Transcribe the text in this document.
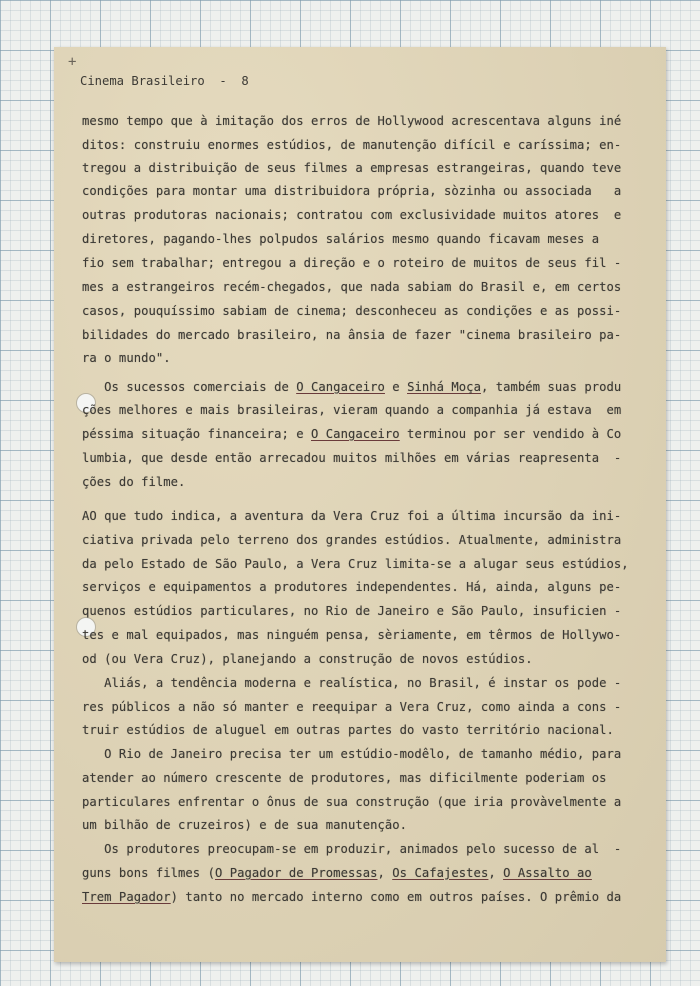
+
Cinema Brasileiro  -  8
mesmo tempo que à imitação dos erros de Hollywood acrescentava alguns iné
ditos: construiu enormes estúdios, de manutenção difícil e caríssima; en-
tregou a distribuição de seus filmes a empresas estrangeiras, quando teve
condições para montar uma distribuidora própria, sòzinha ou associada   a
outras produtoras nacionais; contratou com exclusividade muitos atores  e
diretores, pagando-lhes polpudos salários mesmo quando ficavam meses a
fio sem trabalhar; entregou a direção e o roteiro de muitos de seus fil -
mes a estrangeiros recém-chegados, que nada sabiam do Brasil e, em certos
casos, pouquíssimo sabiam de cinema; desconheceu as condições e as possi-
bilidades do mercado brasileiro, na ânsia de fazer "cinema brasileiro pa-
ra o mundo".
Os sucessos comerciais de O Cangaceiro e Sinhá Moça, também suas produ
ções melhores e mais brasileiras, vieram quando a companhia já estava  em
péssima situação financeira; e O Cangaceiro terminou por ser vendido à Co
lumbia, que desde então arrecadou muitos milhões em várias reapresenta  -
ções do filme.
AO que tudo indica, a aventura da Vera Cruz foi a última incursão da ini-
ciativa privada pelo terreno dos grandes estúdios. Atualmente, administra
da pelo Estado de São Paulo, a Vera Cruz limita-se a alugar seus estúdios,
serviços e equipamentos a produtores independentes. Há, ainda, alguns pe-
quenos estúdios particulares, no Rio de Janeiro e São Paulo, insuficien -
tes e mal equipados, mas ninguém pensa, sèriamente, em têrmos de Hollywo-
od (ou Vera Cruz), planejando a construção de novos estúdios.
Aliás, a tendência moderna e realística, no Brasil, é instar os pode -
res públicos a não só manter e reequipar a Vera Cruz, como ainda a cons -
truir estúdios de aluguel em outras partes do vasto território nacional.
O Rio de Janeiro precisa ter um estúdio-modêlo, de tamanho médio, para
atender ao número crescente de produtores, mas dificilmente poderiam os
particulares enfrentar o ônus de sua construção (que iria provàvelmente a
um bilhão de cruzeiros) e de sua manutenção.
Os produtores preocupam-se em produzir, animados pelo sucesso de al  -
guns bons filmes (O Pagador de Promessas, Os Cafajestes, O Assalto ao
Trem Pagador) tanto no mercado interno como em outros países. O prêmio da
